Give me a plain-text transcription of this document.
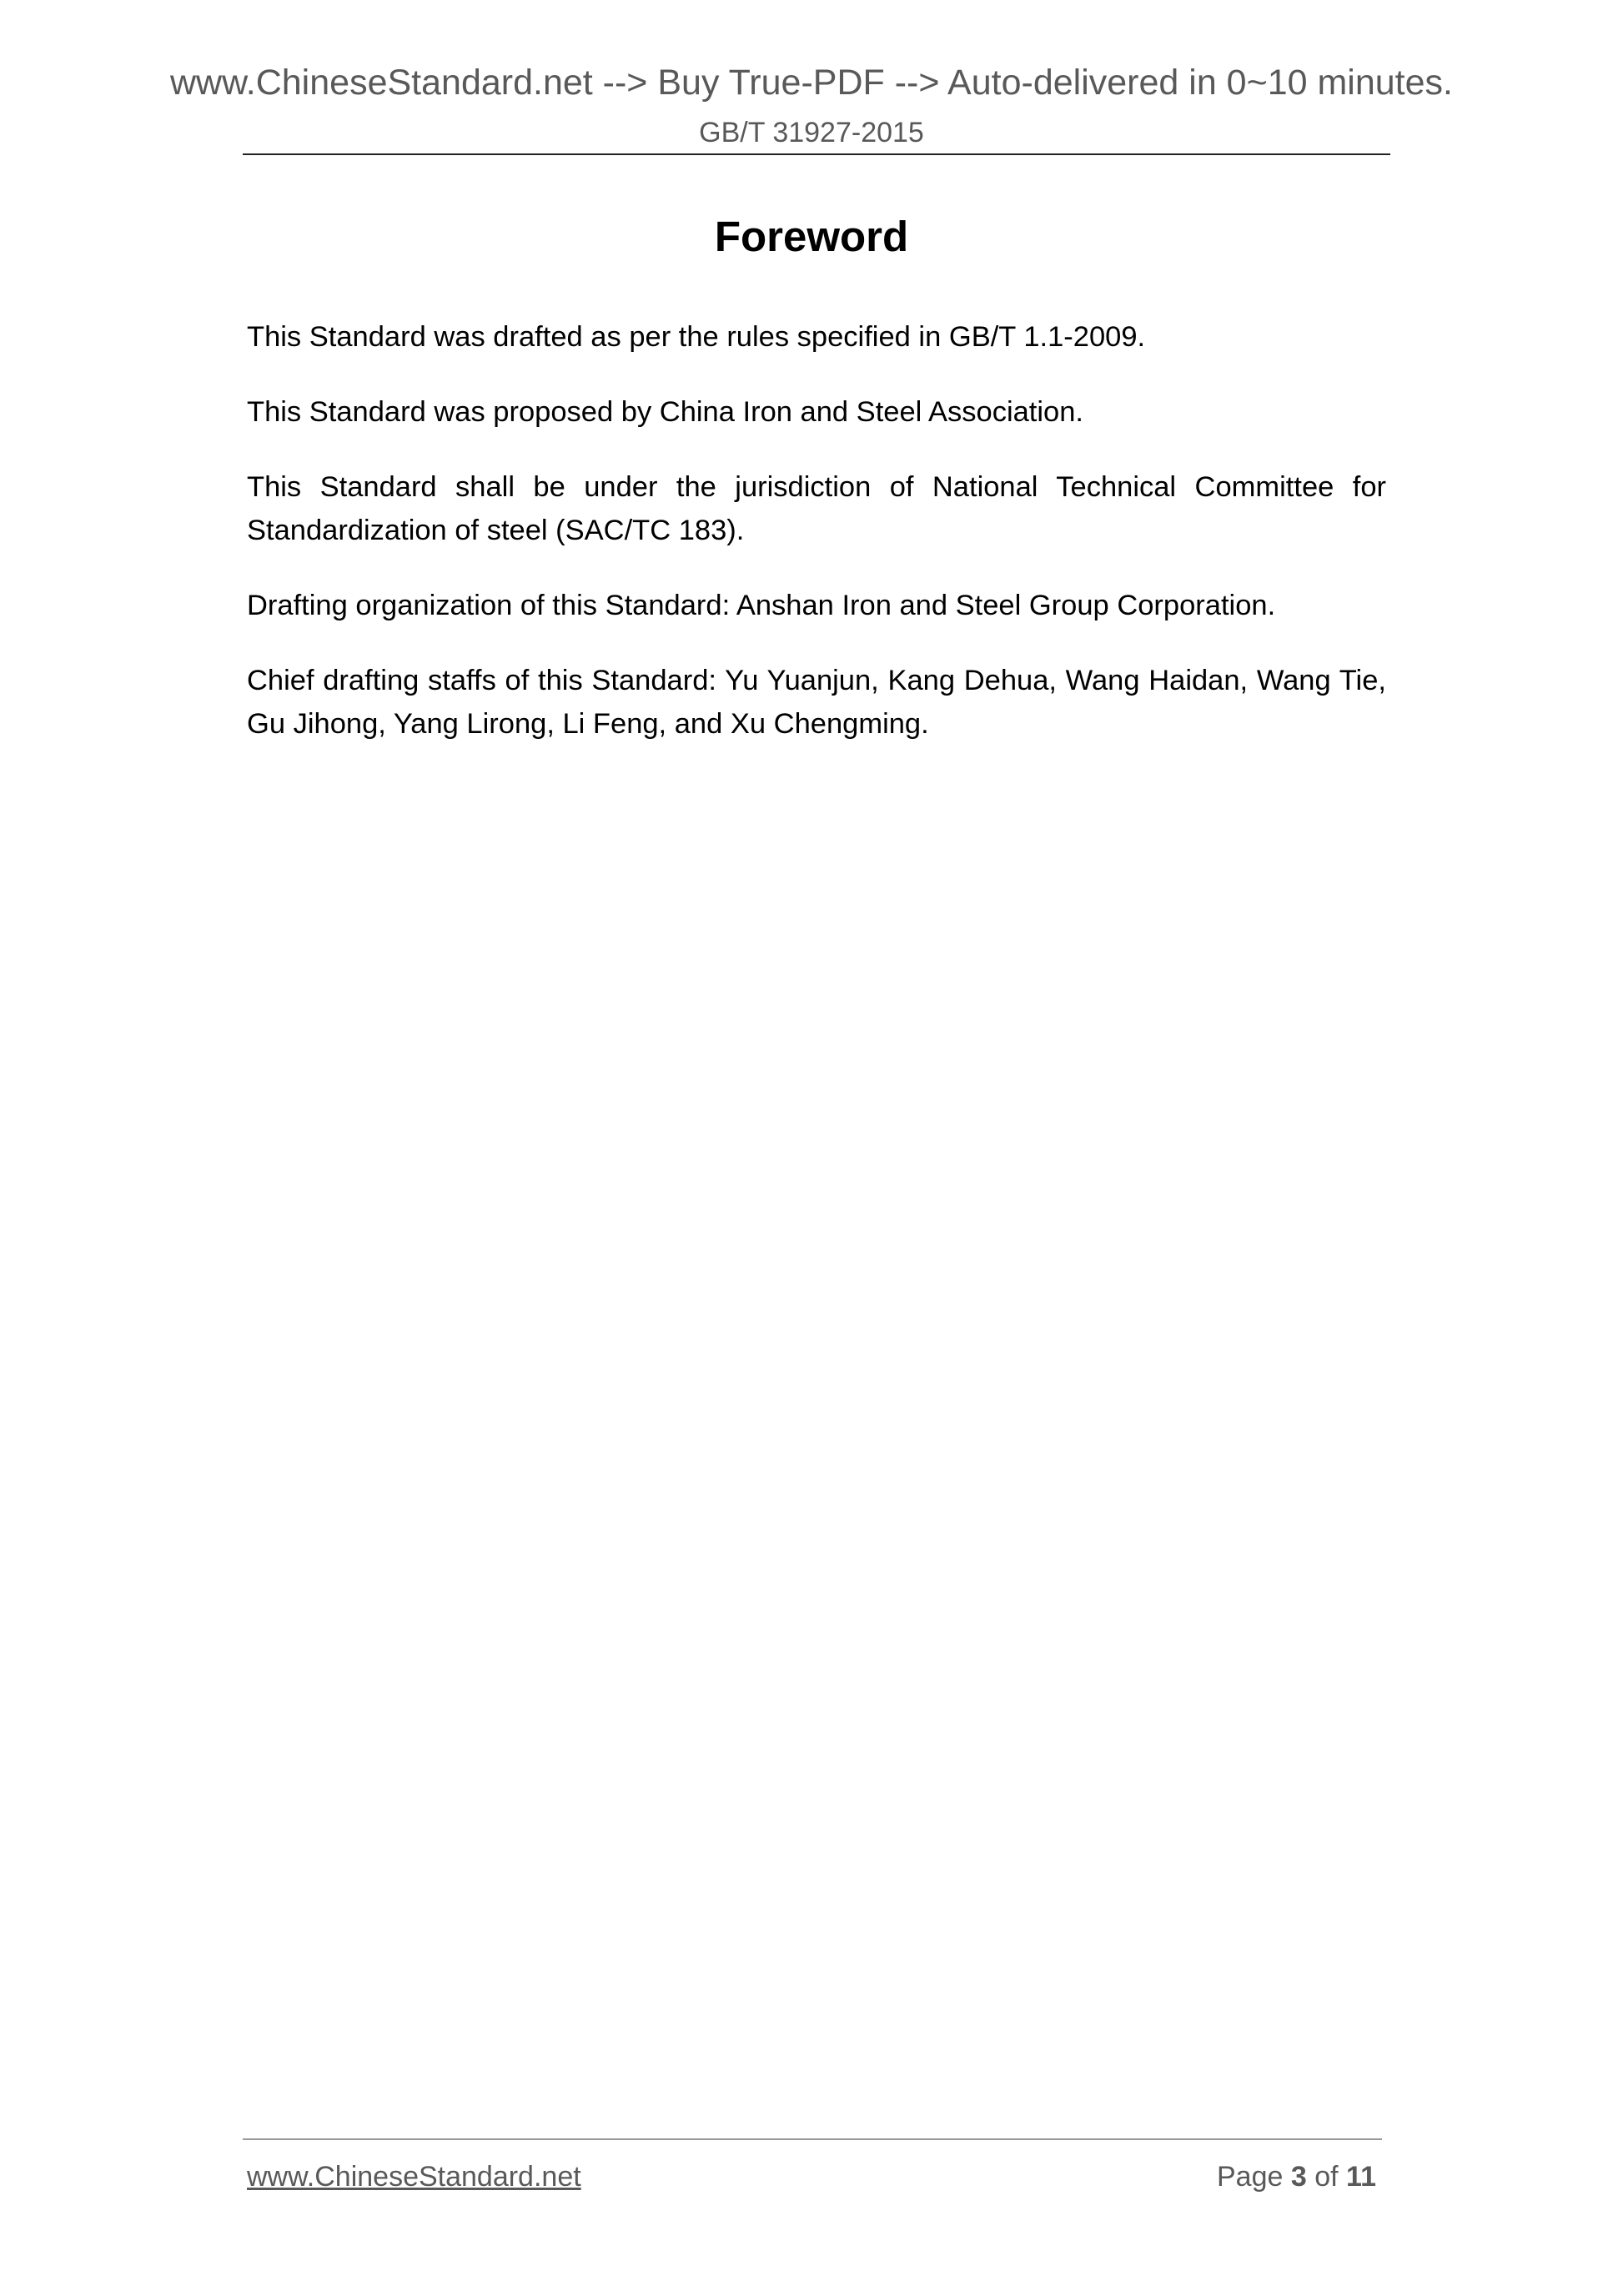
www.ChineseStandard.net --> Buy True-PDF --> Auto-delivered in 0~10 minutes.
GB/T 31927-2015
Foreword

This Standard was drafted as per the rules specified in GB/T 1.1-2009.

This Standard was proposed by China Iron and Steel Association.

This Standard shall be under the jurisdiction of National Technical Committee for Standardization of steel (SAC/TC 183).

Drafting organization of this Standard: Anshan Iron and Steel Group Corporation.

Chief drafting staffs of this Standard: Yu Yuanjun, Kang Dehua, Wang Haidan, Wang Tie, Gu Jihong, Yang Lirong, Li Feng, and Xu Chengming.

www.ChineseStandard.net	Page 3 of 11
